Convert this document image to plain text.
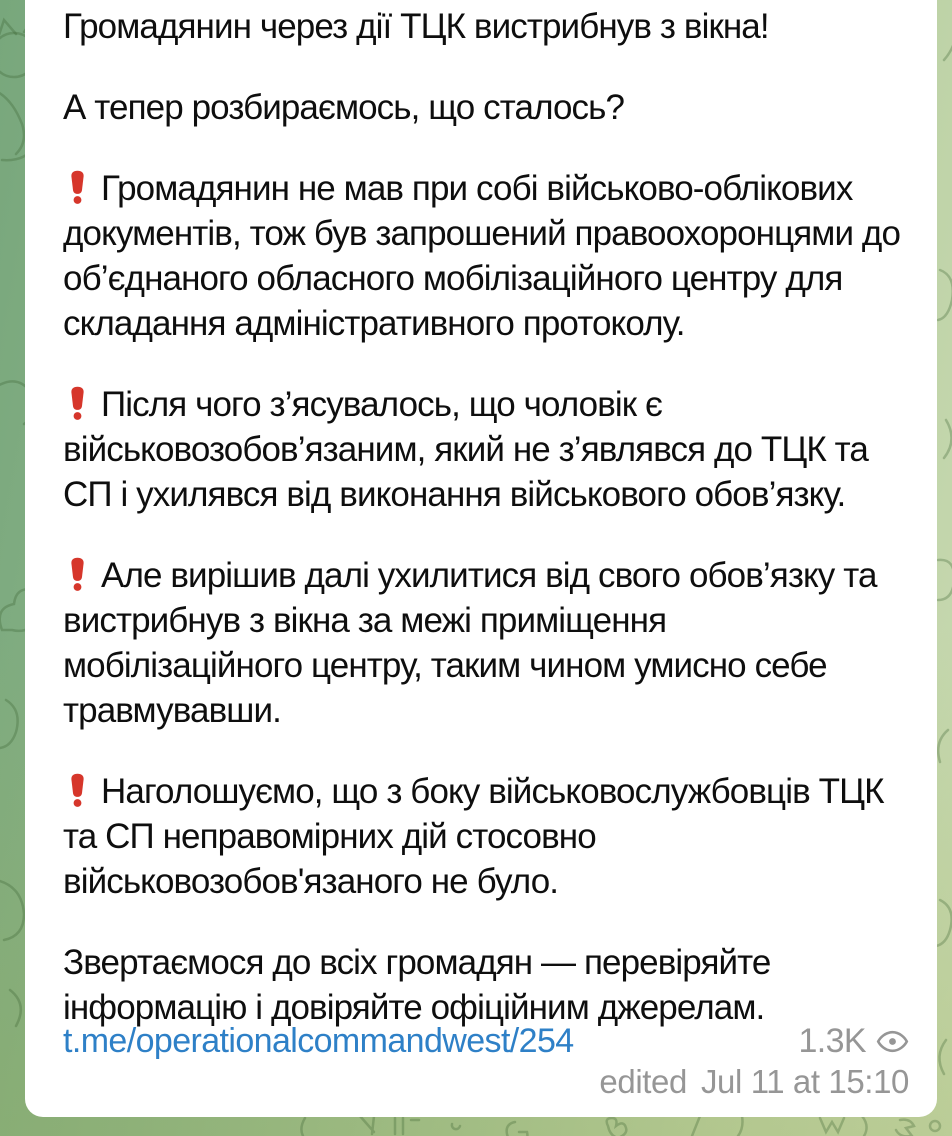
Громадянин через дії ТЦК вистрибнув з вікна!

А тепер розбираємось, що сталось?

Громадянин не мав при собі військово-облікових документів, тож був запрошений правоохоронцями до об’єднаного обласного мобілізаційного центру для складання адміністративного протоколу.

Після чого з’ясувалось, що чоловік є військовозобов’язаним, який не з’являвся до ТЦК та СП і ухилявся від виконання військового обов’язку.

Але вирішив далі ухилитися від свого обов’язку та вистрибнув з вікна за межі приміщення мобілізаційного центру, таким чином умисно себе травмувавши.

Наголошуємо, що з боку військовослужбовців ТЦК та СП неправомірних дій стосовно військовозобов'язаного не було.

Звертаємося до всіх громадян — перевіряйте інформацію і довіряйте офіційним джерелам.

t.me/operationalcommandwest/254	1.3K
edited Jul 11 at 15:10
